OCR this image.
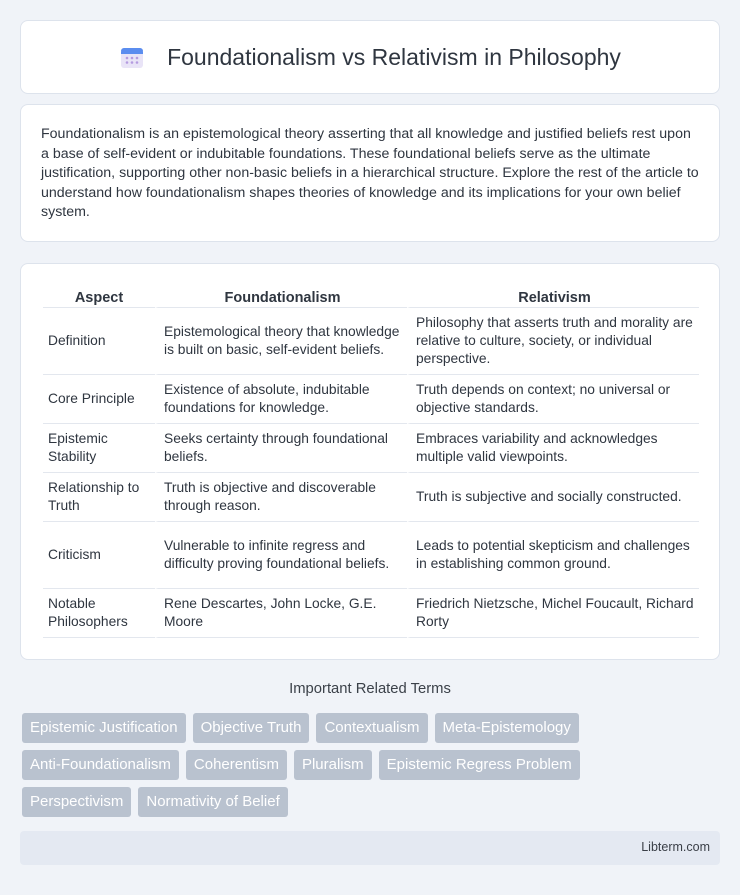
Foundationalism vs Relativism in Philosophy

Foundationalism is an epistemological theory asserting that all knowledge and justified beliefs rest upon a base of self-evident or indubitable foundations. These foundational beliefs serve as the ultimate justification, supporting other non-basic beliefs in a hierarchical structure. Explore the rest of the article to understand how foundationalism shapes theories of knowledge and its implications for your own belief system.

Aspect	Foundationalism	Relativism
Definition	Epistemological theory that knowledge is built on basic, self-evident beliefs.	Philosophy that asserts truth and morality are relative to culture, society, or individual perspective.
Core Principle	Existence of absolute, indubitable foundations for knowledge.	Truth depends on context; no universal or objective standards.
Epistemic Stability	Seeks certainty through foundational beliefs.	Embraces variability and acknowledges multiple valid viewpoints.
Relationship to Truth	Truth is objective and discoverable through reason.	Truth is subjective and socially constructed.
Criticism	Vulnerable to infinite regress and difficulty proving foundational beliefs.	Leads to potential skepticism and challenges in establishing common ground.
Notable Philosophers	Rene Descartes, John Locke, G.E. Moore	Friedrich Nietzsche, Michel Foucault, Richard Rorty
Important Related Terms
Epistemic Justification	Objective Truth	Contextualism	Meta-Epistemology
Anti-Foundationalism	Coherentism	Pluralism	Epistemic Regress Problem
Perspectivism	Normativity of Belief
Libterm.com
